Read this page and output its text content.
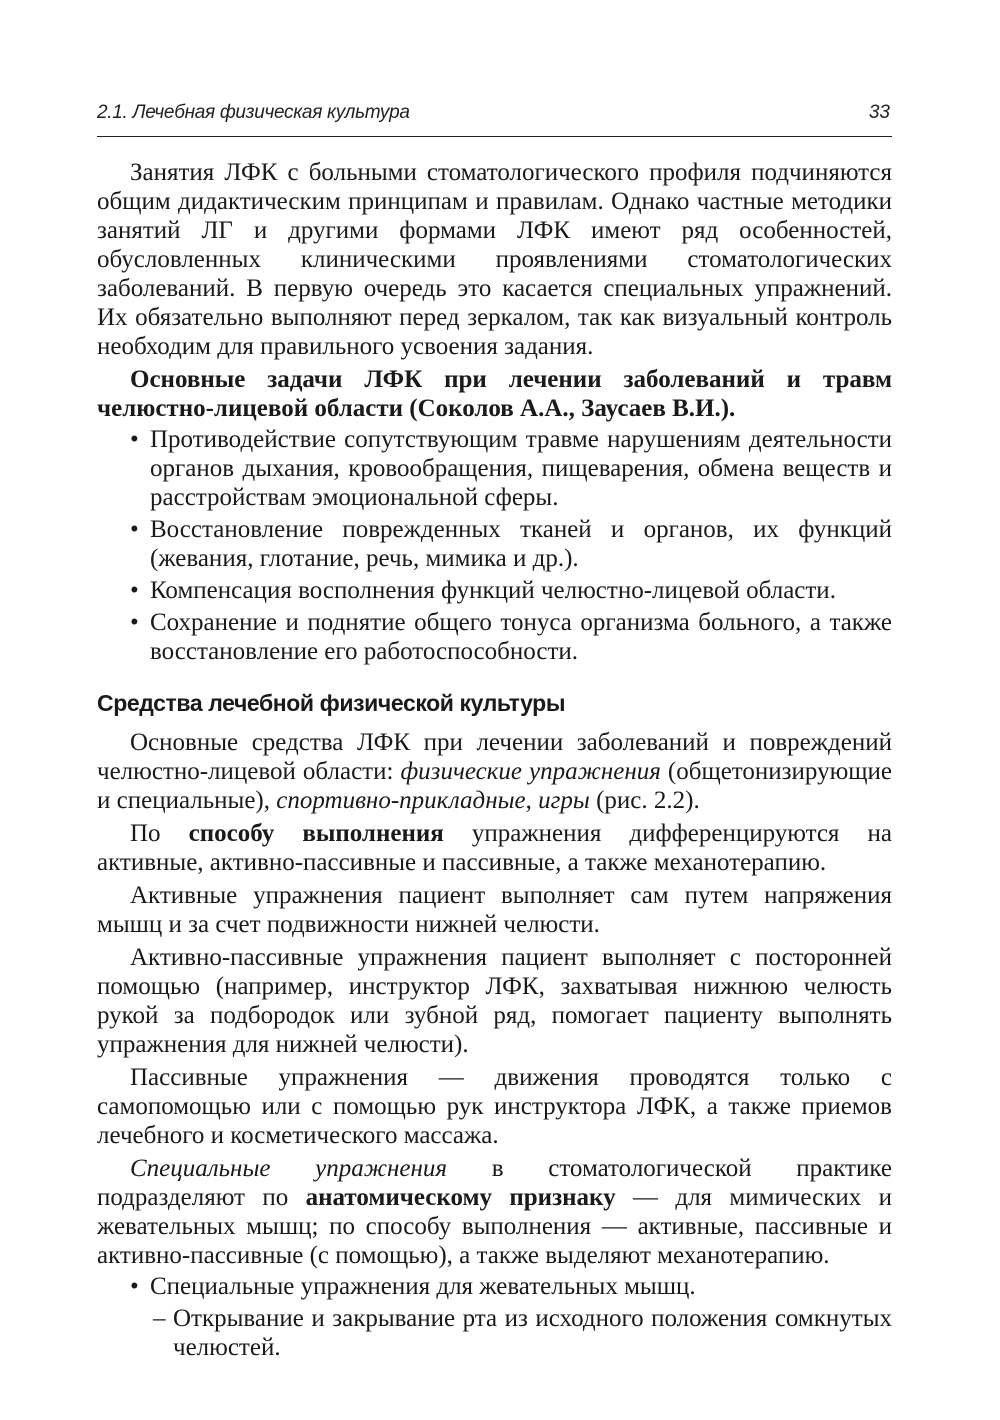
2.1. Лечебная физическая культура	33

Занятия ЛФК с больными стоматологического профиля подчиняются общим дидактическим принципам и правилам. Однако частные методики занятий ЛГ и другими формами ЛФК имеют ряд особенностей, обусловленных клиническими проявлениями стоматологических заболеваний. В первую очередь это касается специальных упражнений. Их обязательно выполняют перед зеркалом, так как визуальный контроль необходим для правильного усвоения задания.

Основные задачи ЛФК при лечении заболеваний и травм челюстно-лицевой области (Соколов А.А., Заусаев В.И.).

• Противодействие сопутствующим травме нарушениям деятельности органов дыхания, кровообращения, пищеварения, обмена веществ и расстройствам эмоциональной сферы.
• Восстановление поврежденных тканей и органов, их функций (жевания, глотание, речь, мимика и др.).
• Компенсация восполнения функций челюстно-лицевой области.
• Сохранение и поднятие общего тонуса организма больного, а также восстановление его работоспособности.
Средства лечебной физической культуры

Основные средства ЛФК при лечении заболеваний и повреждений челюстно-лицевой области: физические упражнения (общетонизирующие и специальные), спортивно-прикладные, игры (рис. 2.2).

По способу выполнения упражнения дифференцируются на активные, активно-пассивные и пассивные, а также механотерапию.

Активные упражнения пациент выполняет сам путем напряжения мышц и за счет подвижности нижней челюсти.

Активно-пассивные упражнения пациент выполняет с посторонней помощью (например, инструктор ЛФК, захватывая нижнюю челюсть рукой за подбородок или зубной ряд, помогает пациенту выполнять упражнения для нижней челюсти).

Пассивные упражнения — движения проводятся только с самопомощью или с помощью рук инструктора ЛФК, а также приемов лечебного и косметического массажа.

Специальные упражнения в стоматологической практике подразделяют по анатомическому признаку — для мимических и жевательных мышц; по способу выполнения — активные, пассивные и активно-пассивные (с помощью), а также выделяют механотерапию.

• Специальные упражнения для жевательных мышц.
– Открывание и закрывание рта из исходного положения сомкнутых челюстей.
